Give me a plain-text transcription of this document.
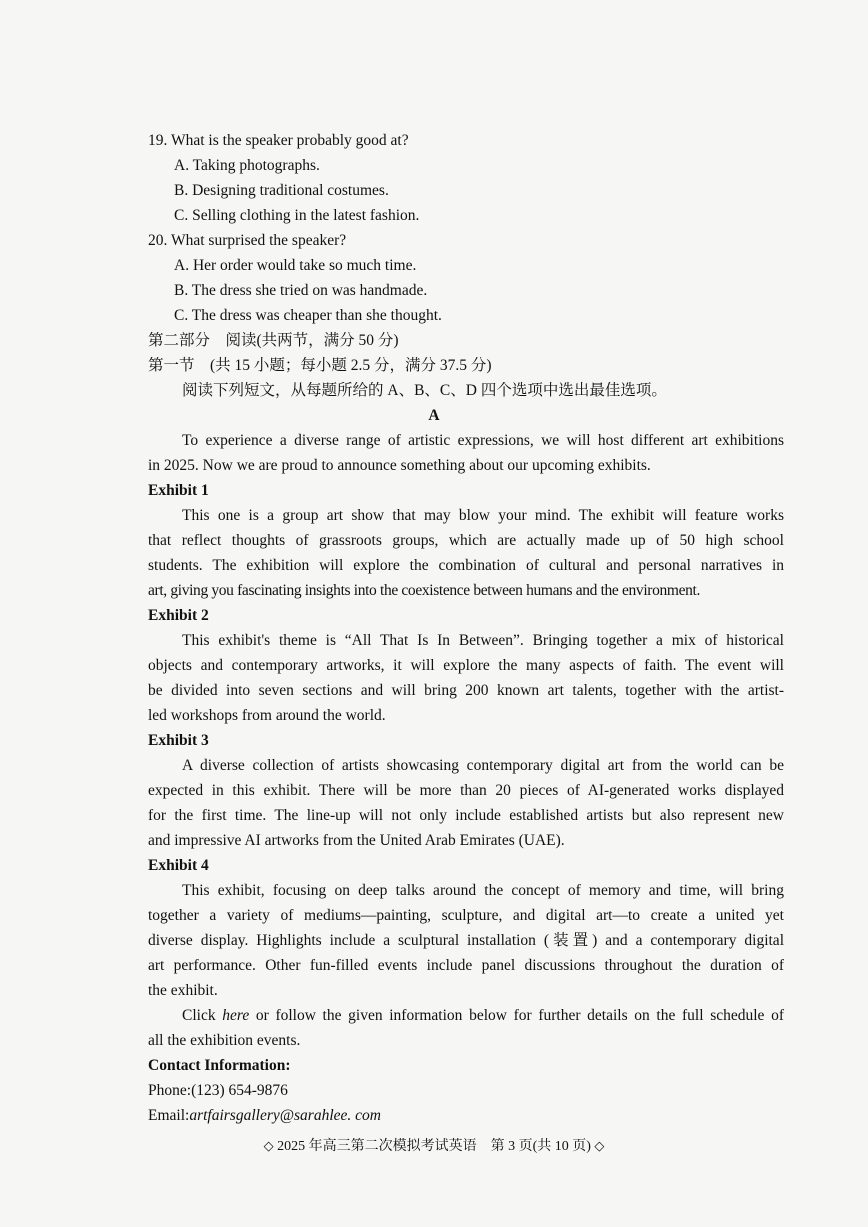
19. What is the speaker probably good at?
A. Taking photographs.
B. Designing traditional costumes.
C. Selling clothing in the latest fashion.
20. What surprised the speaker?
A. Her order would take so much time.
B. The dress she tried on was handmade.
C. The dress was cheaper than she thought.
第二部分　阅读(共两节，满分 50 分)
第一节　(共 15 小题；每小题 2.5 分，满分 37.5 分)
阅读下列短文，从每题所给的 A、B、C、D 四个选项中选出最佳选项。
A
To experience a diverse range of artistic expressions, we will host different art exhibitions
in 2025. Now we are proud to announce something about our upcoming exhibits.
Exhibit 1
This one is a group art show that may blow your mind. The exhibit will feature works
that reflect thoughts of grassroots groups, which are actually made up of 50 high school
students. The exhibition will explore the combination of cultural and personal narratives in
art, giving you fascinating insights into the coexistence between humans and the environment.
Exhibit 2
This exhibit's theme is “All That Is In Between”. Bringing together a mix of historical
objects and contemporary artworks, it will explore the many aspects of faith. The event will
be divided into seven sections and will bring 200 known art talents, together with the artist-
led workshops from around the world.
Exhibit 3
A diverse collection of artists showcasing contemporary digital art from the world can be
expected in this exhibit. There will be more than 20 pieces of AI-generated works displayed
for the first time. The line-up will not only include established artists but also represent new
and impressive AI artworks from the United Arab Emirates (UAE).
Exhibit 4
This exhibit, focusing on deep talks around the concept of memory and time, will bring
together a variety of mediums—painting, sculpture, and digital art—to create a united yet
diverse display. Highlights include a sculptural installation (装置) and a contemporary digital
art performance. Other fun-filled events include panel discussions throughout the duration of
the exhibit.
Click here or follow the given information below for further details on the full schedule of
all the exhibition events.
Contact Information:
Phone:(123) 654-9876
Email:artfairsgallery@sarahlee. com
◇ 2025 年高三第二次模拟考试英语　第 3 页(共 10 页) ◇
